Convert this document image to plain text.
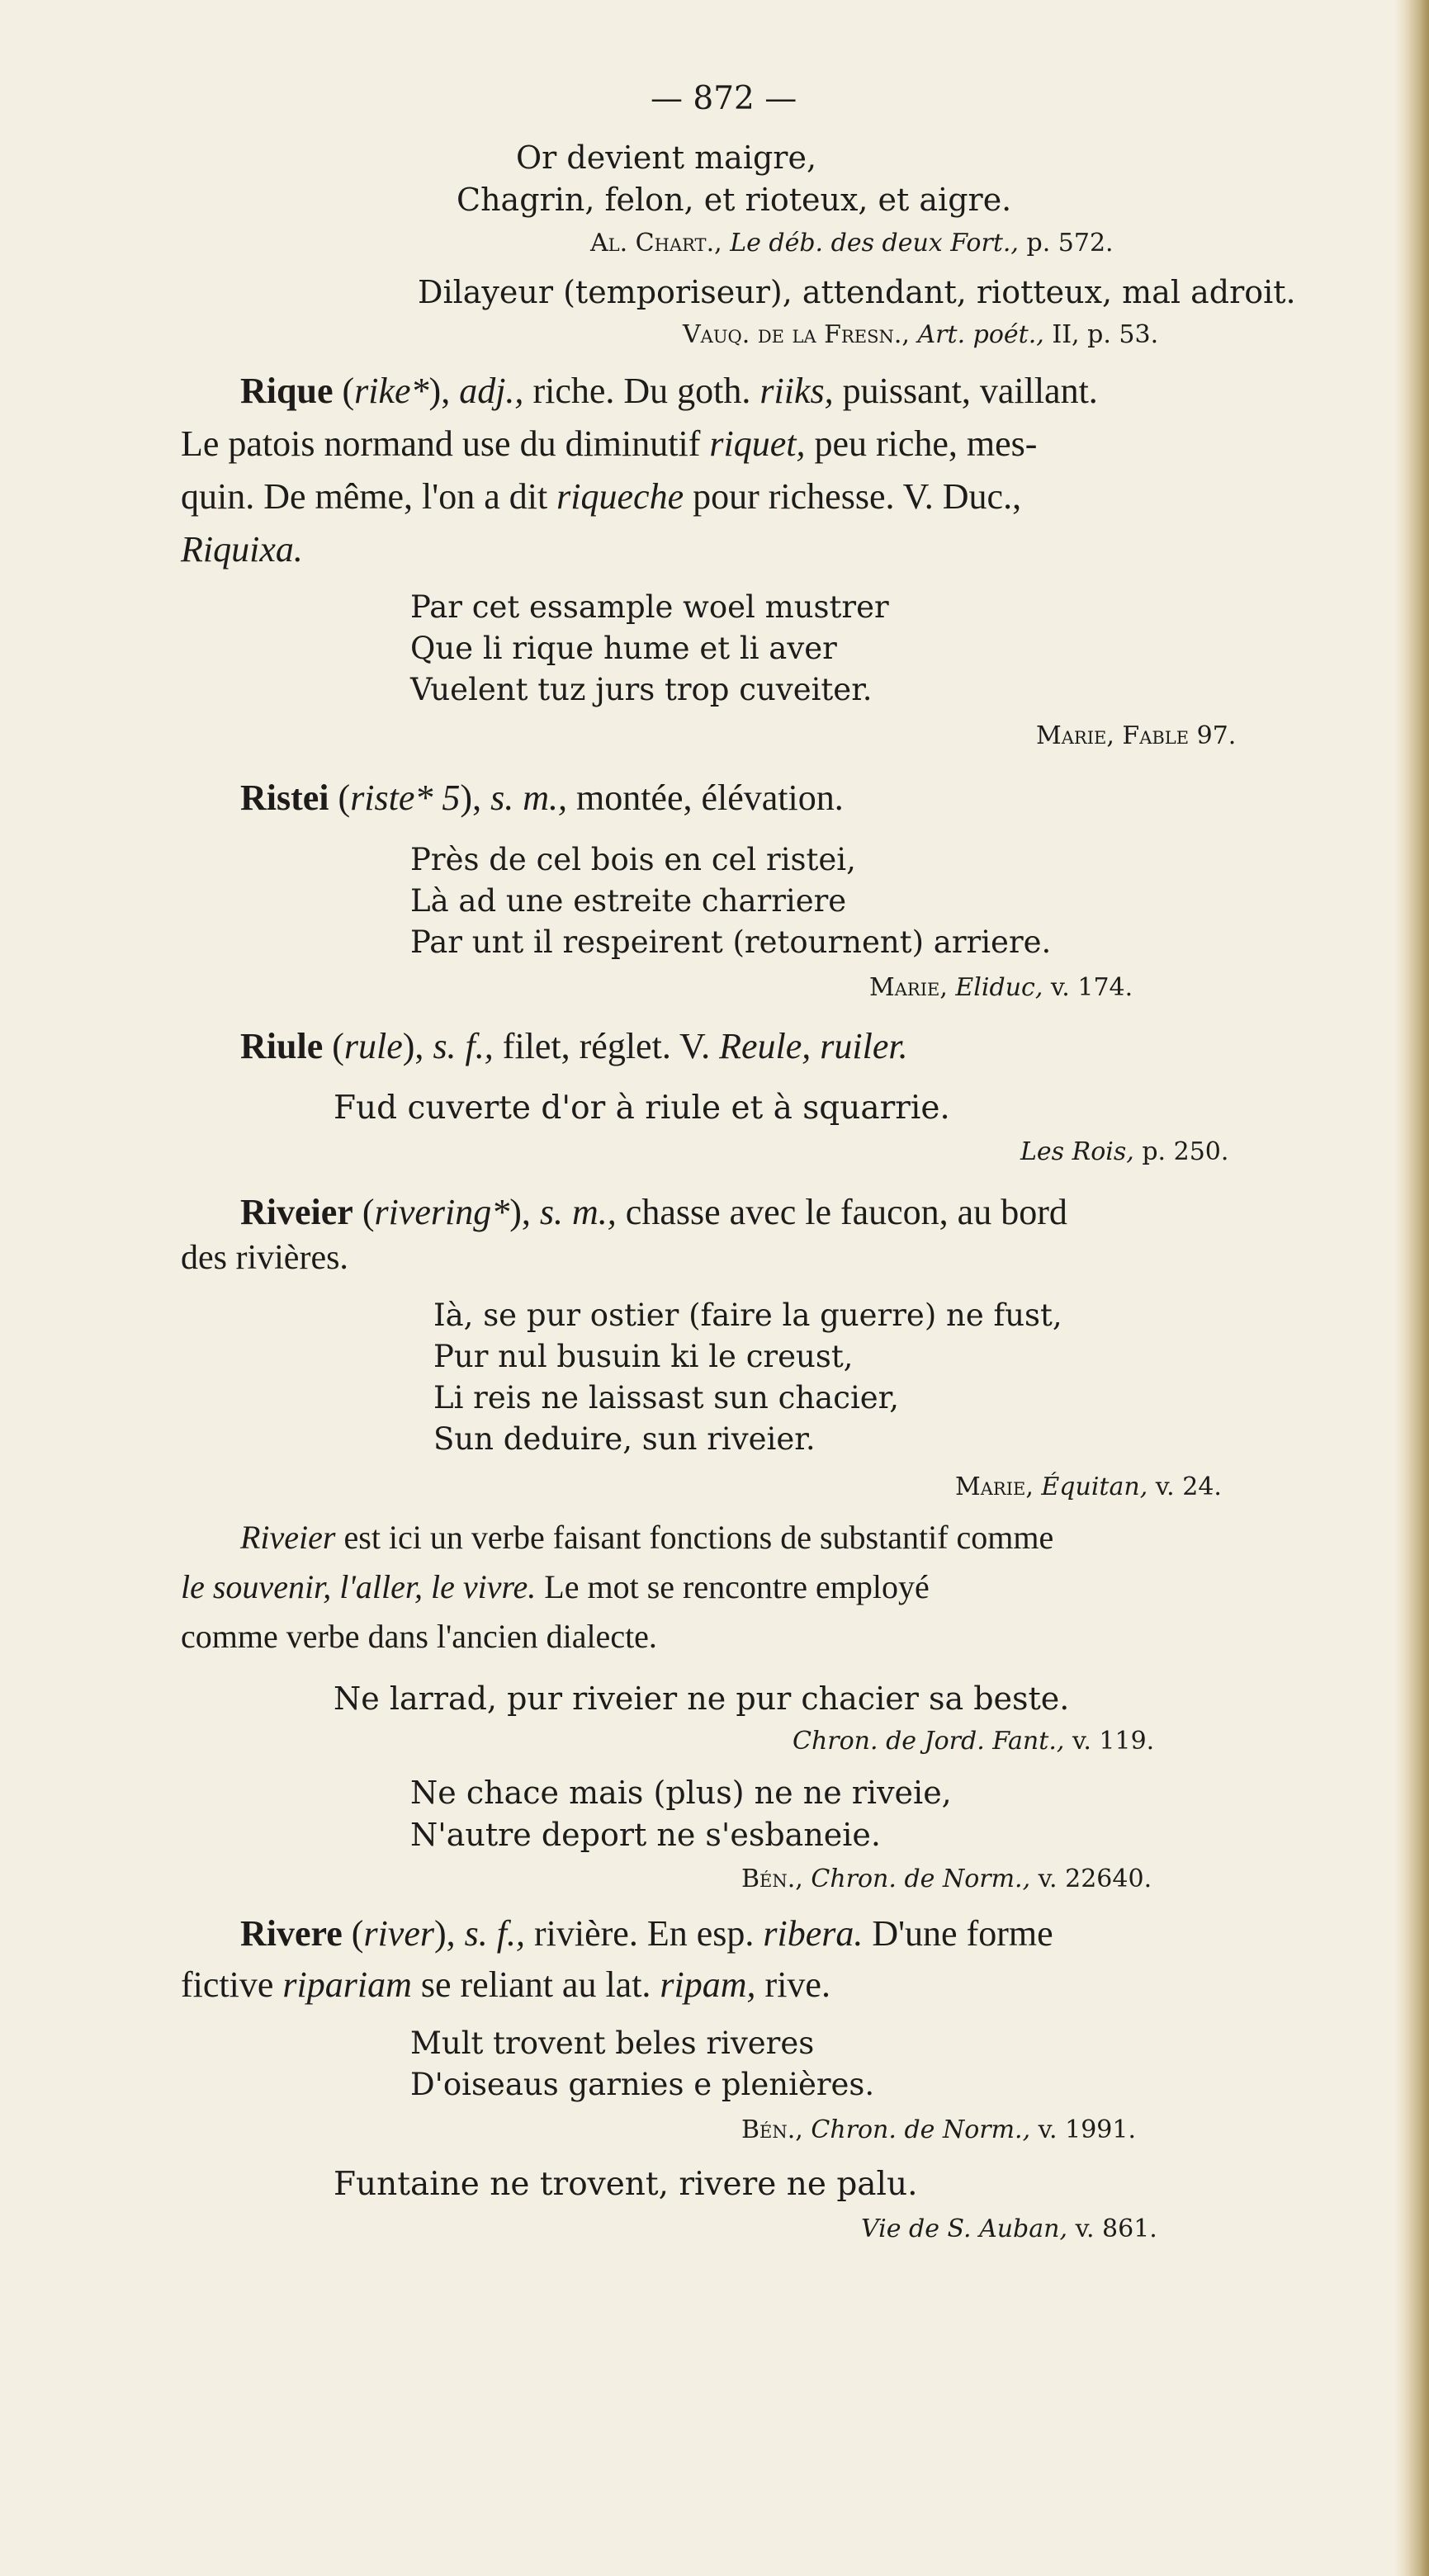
— 872 —
Or devient maigre,
Chagrin, felon, et rioteux, et aigre.
Al. Chart., Le déb. des deux Fort., p. 572.
Dilayeur (temporiseur), attendant, riotteux, mal adroit.
Vauq. de la Fresn., Art. poét., II, p. 53.
Rique (rike*), adj., riche. Du goth. riiks, puissant, vaillant.
Le patois normand use du diminutif riquet, peu riche, mes-
quin. De même, l'on a dit riqueche pour richesse. V. Duc.,
Riquixa.
Par cet essample woel mustrer
Que li rique hume et li aver
Vuelent tuz jurs trop cuveiter.
Marie, Fable 97.
Ristei (riste* 5), s. m., montée, élévation.
Près de cel bois en cel ristei,
Là ad une estreite charriere
Par unt il respeirent (retournent) arriere.
Marie, Eliduc, v. 174.
Riule (rule), s. f., filet, réglet. V. Reule, ruiler.
Fud cuverte d'or à riule et à squarrie.
Les Rois, p. 250.
Riveier (rivering*), s. m., chasse avec le faucon, au bord
des rivières.
Ià, se pur ostier (faire la guerre) ne fust,
Pur nul busuin ki le creust,
Li reis ne laissast sun chacier,
Sun deduire, sun riveier.
Marie, Équitan, v. 24.
Riveier est ici un verbe faisant fonctions de substantif comme
le souvenir, l'aller, le vivre. Le mot se rencontre employé
comme verbe dans l'ancien dialecte.
Ne larrad, pur riveier ne pur chacier sa beste.
Chron. de Jord. Fant., v. 119.
Ne chace mais (plus) ne ne riveie,
N'autre deport ne s'esbaneie.
Bén., Chron. de Norm., v. 22640.
Rivere (river), s. f., rivière. En esp. ribera. D'une forme
fictive ripariam se reliant au lat. ripam, rive.
Mult trovent beles riveres
D'oiseaus garnies e plenières.
Bén., Chron. de Norm., v. 1991.
Funtaine ne trovent, rivere ne palu.
Vie de S. Auban, v. 861.
